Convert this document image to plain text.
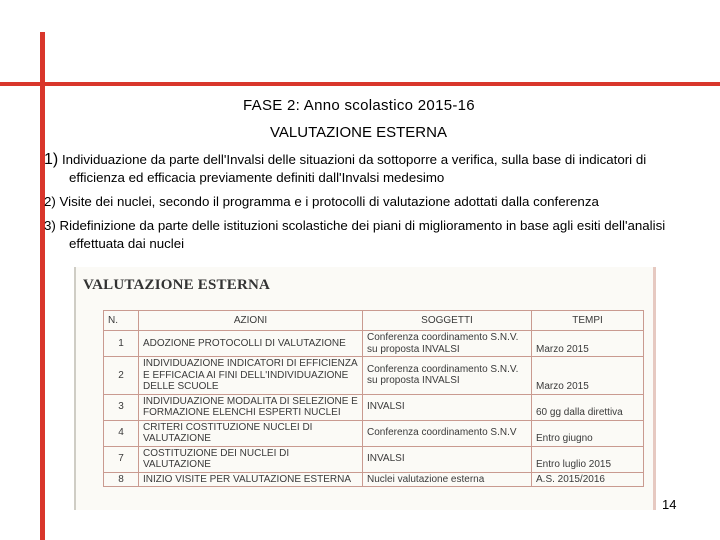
FASE 2: Anno scolastico 2015-16
VALUTAZIONE ESTERNA
1) Individuazione da parte dell'Invalsi delle situazioni da sottoporre a verifica, sulla base di indicatori di efficienza ed efficacia previamente definiti dall'Invalsi medesimo
2) Visite dei nuclei, secondo il programma e i protocolli di valutazione adottati dalla conferenza
3) Ridefinizione da parte delle istituzioni scolastiche dei piani di miglioramento in base agli esiti dell'analisi effettuata dai nuclei
VALUTAZIONE ESTERNA
N.	AZIONI	SOGGETTI	TEMPI
1	ADOZIONE PROTOCOLLI DI VALUTAZIONE	Conferenza coordinamento S.N.V. su proposta INVALSI	Marzo 2015
2	INDIVIDUAZIONE INDICATORI DI EFFICIENZA E EFFICACIA AI FINI DELL'INDIVIDUAZIONE DELLE SCUOLE	Conferenza coordinamento S.N.V. su proposta INVALSI	Marzo 2015
3	INDIVIDUAZIONE MODALITA DI SELEZIONE E FORMAZIONE ELENCHI ESPERTI NUCLEI	INVALSI	60 gg dalla direttiva
4	CRITERI COSTITUZIONE NUCLEI DI VALUTAZIONE	Conferenza coordinamento S.N.V	Entro giugno
7	COSTITUZIONE DEI NUCLEI DI VALUTAZIONE	INVALSI	Entro luglio 2015
8	INIZIO VISITE PER VALUTAZIONE ESTERNA	Nuclei valutazione esterna	A.S. 2015/2016
14
